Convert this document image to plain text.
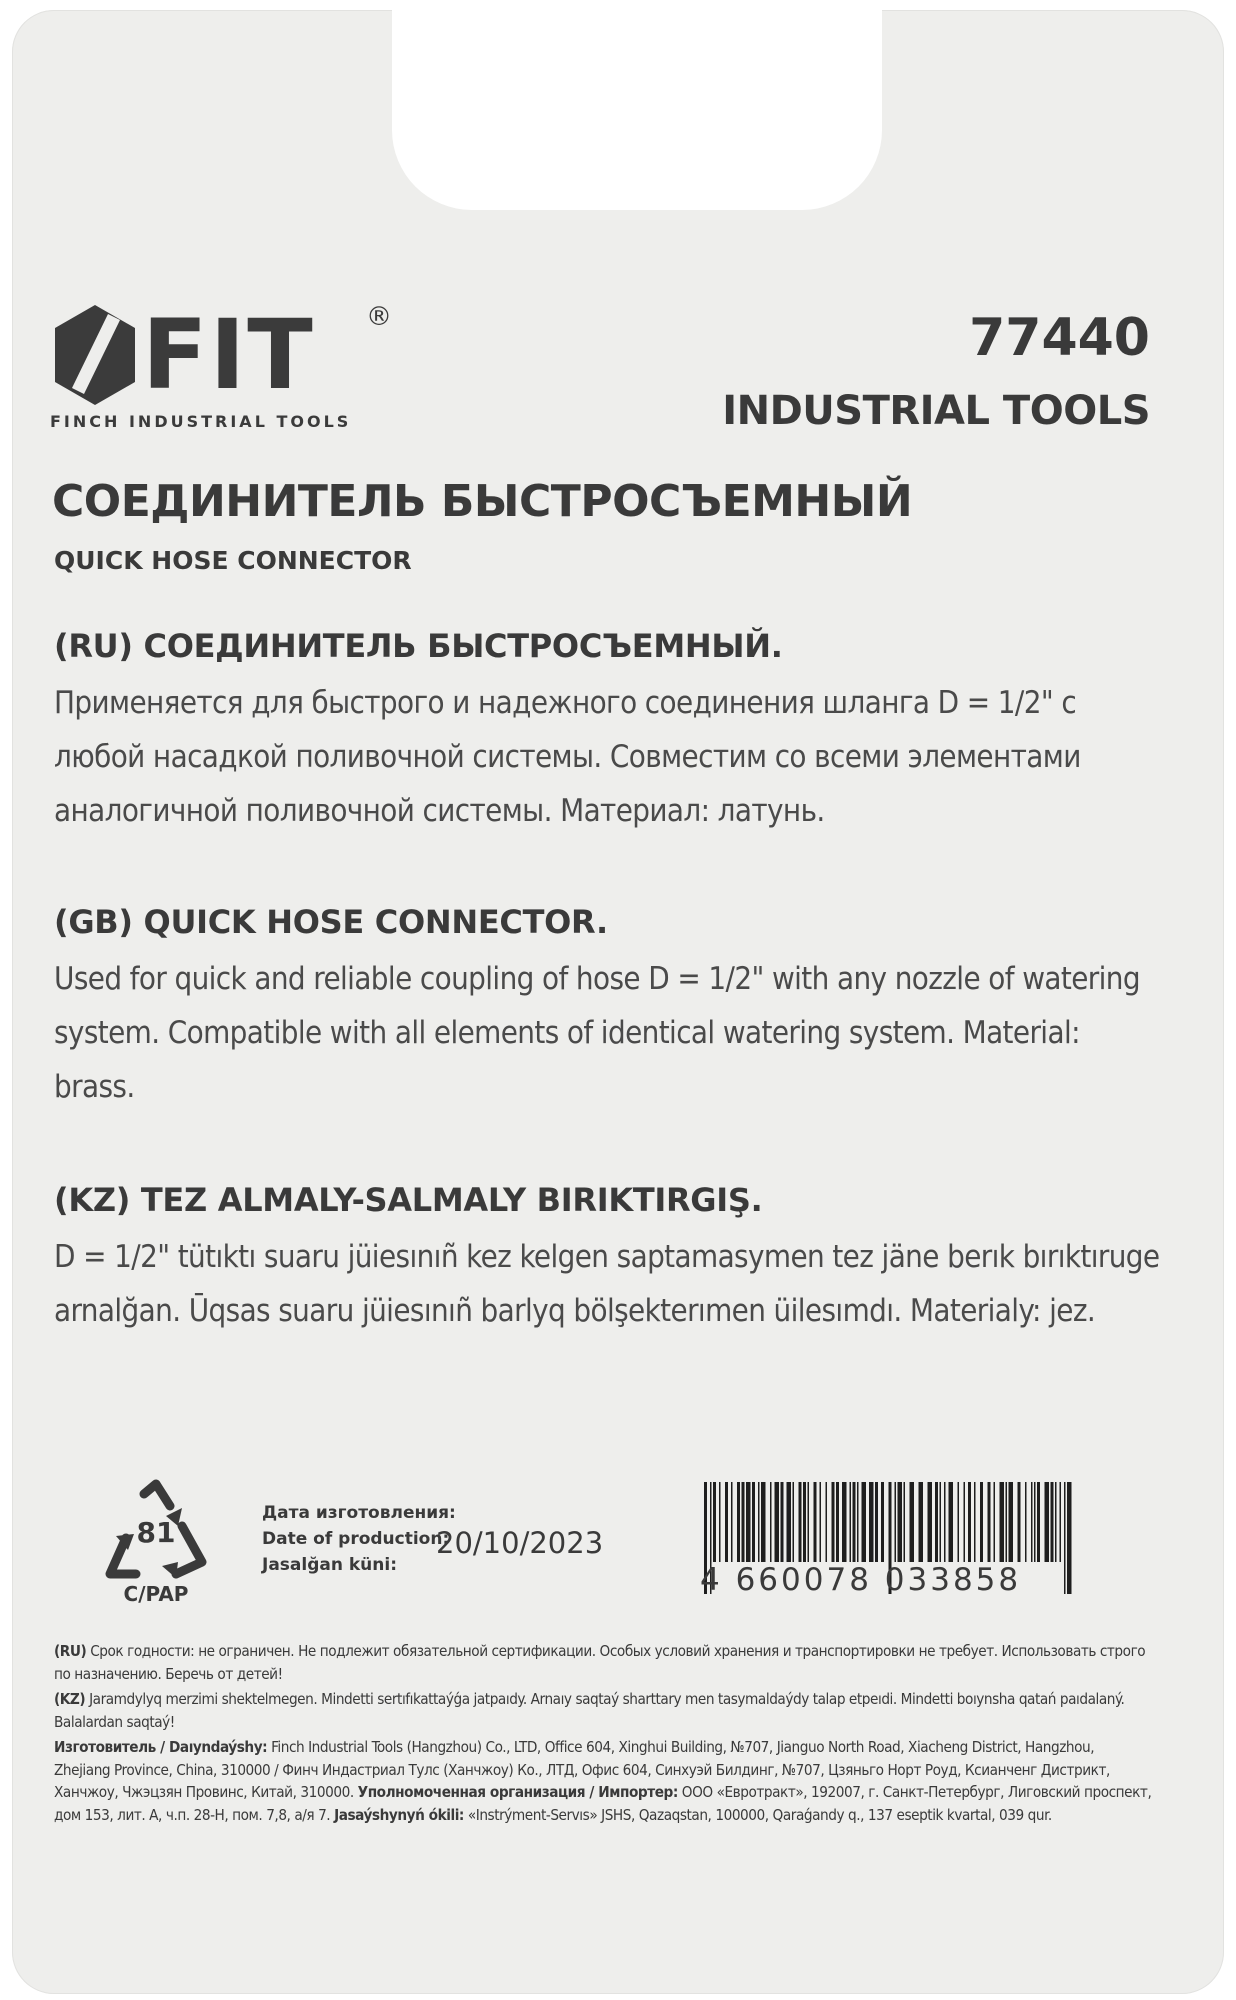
FIT ®
FINCH INDUSTRIAL TOOLS
77440
INDUSTRIAL TOOLS
СОЕДИНИТЕЛЬ БЫСТРОСЪЕМНЫЙ
QUICK HOSE CONNECTOR
(RU) СОЕДИНИТЕЛЬ БЫСТРОСЪЕМНЫЙ.

Применяется для быстрого и надежного соединения шланга D = 1/2" с любой насадкой поливочной системы. Совместим со всеми элементами аналогичной поливочной системы. Материал: латунь.

(GB) QUICK HOSE CONNECTOR.

Used for quick and reliable coupling of hose D = 1/2" with any nozzle of watering system. Compatible with all elements of identical watering system. Material: brass.

(KZ) TEZ ALMALY-SALMALY BIRIKTIRGIŞ.

D = 1/2" tütıktı suaru jüiesınıñ kez kelgen saptamasymen tez jäne berık bırıktıruge arnalğan. Ūqsas suaru jüiesınıñ barlyq bölşekterımen üilesımdı. Materialy: jez.

81
C/PAP
Дата изготовления:
Date of production:
Jasalğan küni:
20/10/2023
4 660078 033858

(RU) Срок годности: не ограничен. Не подлежит обязательной сертификации. Особых условий хранения и транспортировки не требует. Использовать строго по назначению. Беречь от детей!

(KZ) Jaramdylyq merzimi shektelmegen. Mindetti sertıfıkattaýǵa jatpaıdy. Arnaıy saqtaý sharttary men tasymaldaýdy talap etpeıdi. Mindetti boıynsha qatań paıdalaný. Balalardan saqtaý!

Изготовитель / Daıyndaýshy: Finch Industrial Tools (Hangzhou) Co., LTD, Office 604, Xinghui Building, №707, Jianguo North Road, Xiacheng District, Hangzhou, Zhejiang Province, China, 310000 / Финч Индастриал Тулс (Ханчжоу) Ко., ЛТД, Офис 604, Синхуэй Билдинг, №707, Цзяньго Норт Роуд, Ксианченг Дистрикт, Ханчжоу, Чжэцзян Провинс, Китай, 310000. Уполномоченная организация / Импортер: ООО «Евротракт», 192007, г. Санкт-Петербург, Лиговский проспект, дом 153, лит. А, ч.п. 28-Н, пом. 7,8, а/я 7. Jasaýshynyń ókili: «Instrýment-Servıs» JSHS, Qazaqstan, 100000, Qaraǵandy q., 137 eseptik kvartal, 039 qur.
